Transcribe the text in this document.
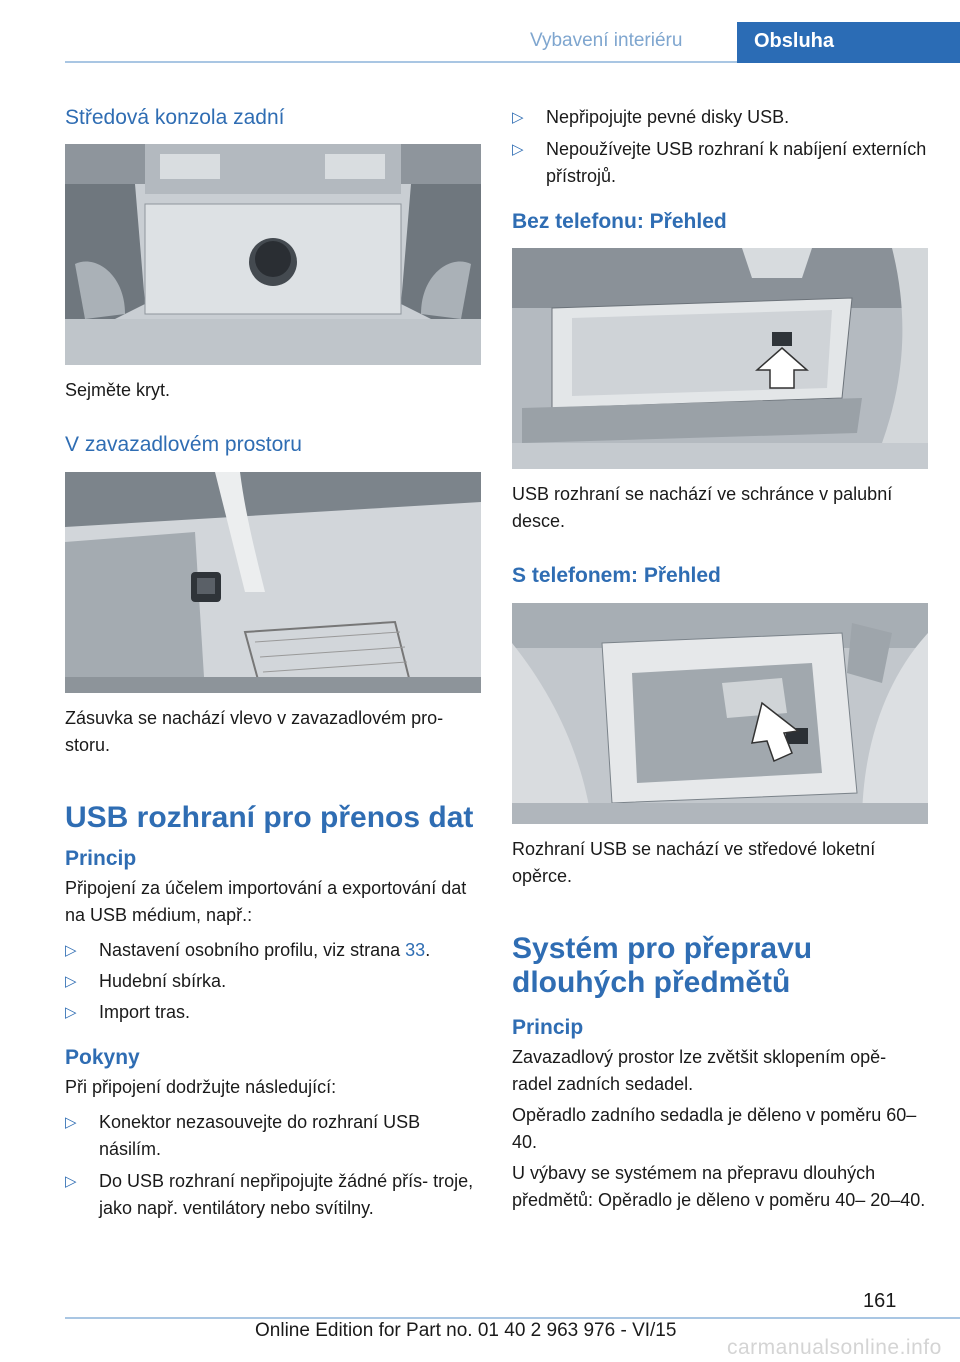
Vybavení interiéru	Obsluha
Středová konzola zadní

Sejměte kryt.

V zavazadlovém prostoru

Zásuvka se nachází vlevo v zavazadlovém pro‐ storu.

USB rozhraní pro přenos dat
Princip

Připojení za účelem importování a exportování dat na USB médium, např.:

▷ Nastavení osobního profilu, viz strana 33.
▷ Hudební sbírka.
▷ Import tras.
Pokyny

Při připojení dodržujte následující:

▷ Konektor nezasouvejte do rozhraní USB násilím.
▷ Do USB rozhraní nepřipojujte žádné přís‐ troje, jako např. ventilátory nebo svítilny.
▷ Nepřipojujte pevné disky USB.
▷ Nepoužívejte USB rozhraní k nabíjení externích přístrojů.
Bez telefonu: Přehled

USB rozhraní se nachází ve schránce v palubní desce.

S telefonem: Přehled

Rozhraní USB se nachází ve středové loketní opěrce.

Systém pro přepravu dlouhých předmětů
Princip

Zavazadlový prostor lze zvětšit sklopením opě‐ radel zadních sedadel.

Opěradlo zadního sedadla je děleno v poměru 60–40.

U výbavy se systémem na přepravu dlouhých předmětů: Opěradlo je děleno v poměru 40– 20–40.

161
Online Edition for Part no. 01 40 2 963 976 - VI/15
carmanualsonline.info
